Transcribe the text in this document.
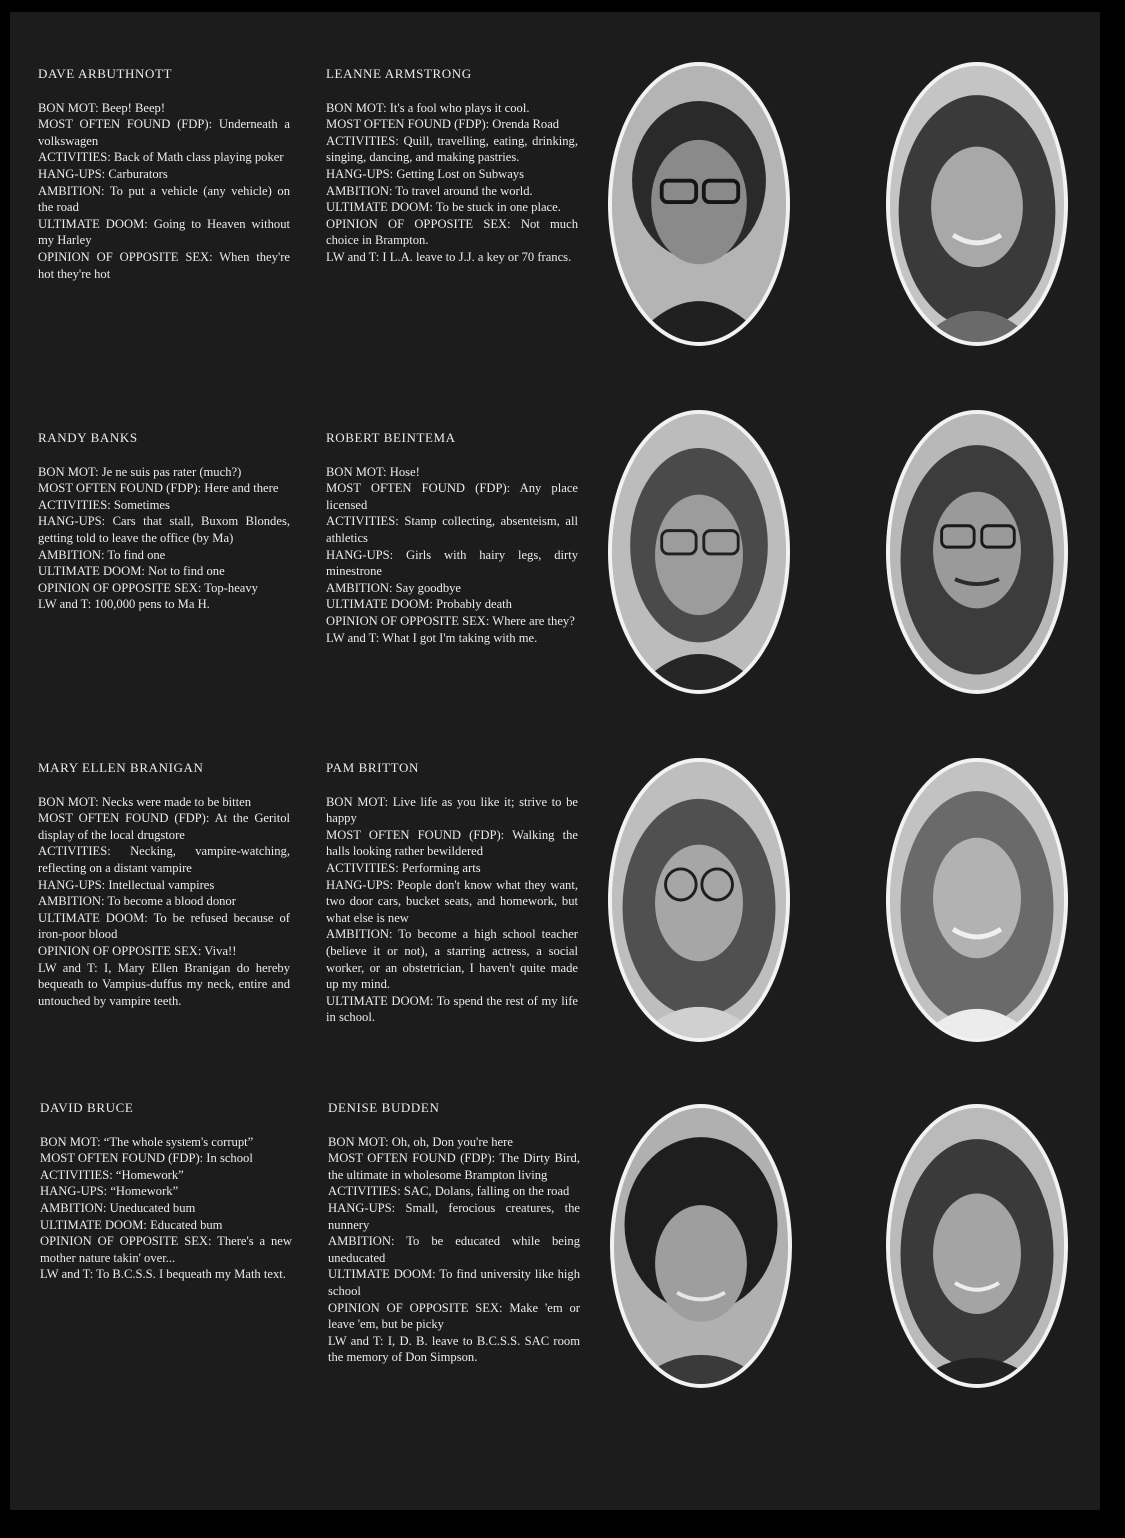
DAVE ARBUTHNOTT

BON MOT: Beep! Beep!

MOST OFTEN FOUND (FDP): Underneath a volkswagen

ACTIVITIES: Back of Math class playing poker

HANG-UPS: Carburators

AMBITION: To put a vehicle (any vehicle) on the road

ULTIMATE DOOM: Going to Heaven without my Harley

OPINION OF OPPOSITE SEX: When they're hot they're hot

LEANNE ARMSTRONG

BON MOT: It's a fool who plays it cool.

MOST OFTEN FOUND (FDP): Orenda Road

ACTIVITIES: Quill, travelling, eating, drinking, singing, dancing, and making pastries.

HANG-UPS: Getting Lost on Subways

AMBITION: To travel around the world.

ULTIMATE DOOM: To be stuck in one place.

OPINION OF OPPOSITE SEX: Not much choice in Brampton.

LW and T: I L.A. leave to J.J. a key or 70 francs.

RANDY BANKS

BON MOT: Je ne suis pas rater (much?)

MOST OFTEN FOUND (FDP): Here and there

ACTIVITIES: Sometimes

HANG-UPS: Cars that stall, Buxom Blondes, getting told to leave the office (by Ma)

AMBITION: To find one

ULTIMATE DOOM: Not to find one

OPINION OF OPPOSITE SEX: Top-heavy

LW and T: 100,000 pens to Ma H.

ROBERT BEINTEMA

BON MOT: Hose!

MOST OFTEN FOUND (FDP): Any place licensed

ACTIVITIES: Stamp collecting, absenteism, all athletics

HANG-UPS: Girls with hairy legs, dirty minestrone

AMBITION: Say goodbye

ULTIMATE DOOM: Probably death

OPINION OF OPPOSITE SEX: Where are they?

LW and T: What I got I'm taking with me.

MARY ELLEN BRANIGAN

BON MOT: Necks were made to be bitten

MOST OFTEN FOUND (FDP): At the Geritol display of the local drugstore

ACTIVITIES: Necking, vampire-watching, reflecting on a distant vampire

HANG-UPS: Intellectual vampires

AMBITION: To become a blood donor

ULTIMATE DOOM: To be refused because of iron-poor blood

OPINION OF OPPOSITE SEX: Viva!!

LW and T: I, Mary Ellen Branigan do hereby bequeath to Vampius-duffus my neck, entire and untouched by vampire teeth.

PAM BRITTON

BON MOT: Live life as you like it; strive to be happy

MOST OFTEN FOUND (FDP): Walking the halls looking rather bewildered

ACTIVITIES: Performing arts

HANG-UPS: People don't know what they want, two door cars, bucket seats, and homework, but what else is new

AMBITION: To become a high school teacher (believe it or not), a starring actress, a social worker, or an obstetrician, I haven't quite made up my mind.

ULTIMATE DOOM: To spend the rest of my life in school.

DAVID BRUCE

BON MOT: “The whole system's corrupt”

MOST OFTEN FOUND (FDP): In school

ACTIVITIES: “Homework”

HANG-UPS: “Homework”

AMBITION: Uneducated bum

ULTIMATE DOOM: Educated bum

OPINION OF OPPOSITE SEX: There's a new mother nature takin' over...

LW and T: To B.C.S.S. I bequeath my Math text.

DENISE BUDDEN

BON MOT: Oh, oh, Don you're here

MOST OFTEN FOUND (FDP): The Dirty Bird, the ultimate in wholesome Brampton living

ACTIVITIES: SAC, Dolans, falling on the road

HANG-UPS: Small, ferocious creatures, the nunnery

AMBITION: To be educated while being uneducated

ULTIMATE DOOM: To find university like high school

OPINION OF OPPOSITE SEX: Make 'em or leave 'em, but be picky

LW and T: I, D. B. leave to B.C.S.S. SAC room the memory of Don Simpson.
